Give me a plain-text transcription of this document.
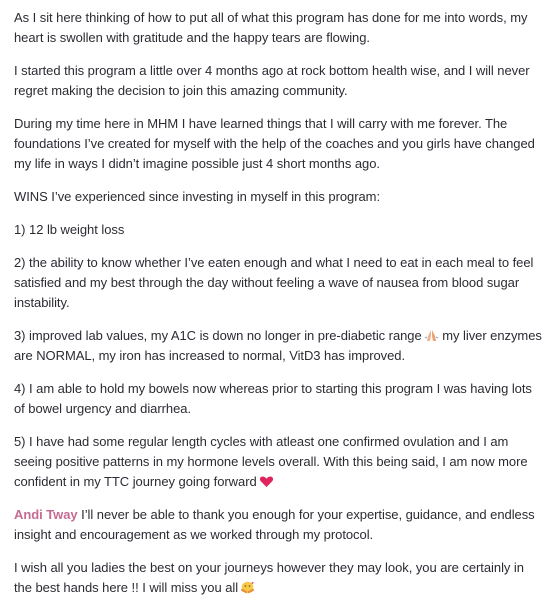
As I sit here thinking of how to put all of what this program has done for me into words, my heart is swollen with gratitude and the happy tears are flowing.

I started this program a little over 4 months ago at rock bottom health wise, and I will never regret making the decision to join this amazing community.

During my time here in MHM I have learned things that I will carry with me forever. The foundations I’ve created for myself with the help of the coaches and you girls have changed my life in ways I didn’t imagine possible just 4 short months ago.

WINS I’ve experienced since investing in myself in this program:

1) 12 lb weight loss

2) the ability to know whether I’ve eaten enough and what I need to eat in each meal to feel satisfied and my best through the day without feeling a wave of nausea from blood sugar instability.

3) improved lab values, my A1C is down no longer in pre-diabetic range my liver enzymes are NORMAL, my iron has increased to normal, VitD3 has improved.

4) I am able to hold my bowels now whereas prior to starting this program I was having lots of bowel urgency and diarrhea.

5) I have had some regular length cycles with atleast one confirmed ovulation and I am seeing positive patterns in my hormone levels overall. With this being said, I am now more confident in my TTC journey going forward

Andi Tway I’ll never be able to thank you enough for your expertise, guidance, and endless insight and encouragement as we worked through my protocol.

I wish all you ladies the best on your journeys however they may look, you are certainly in the best hands here !! I will miss you all
